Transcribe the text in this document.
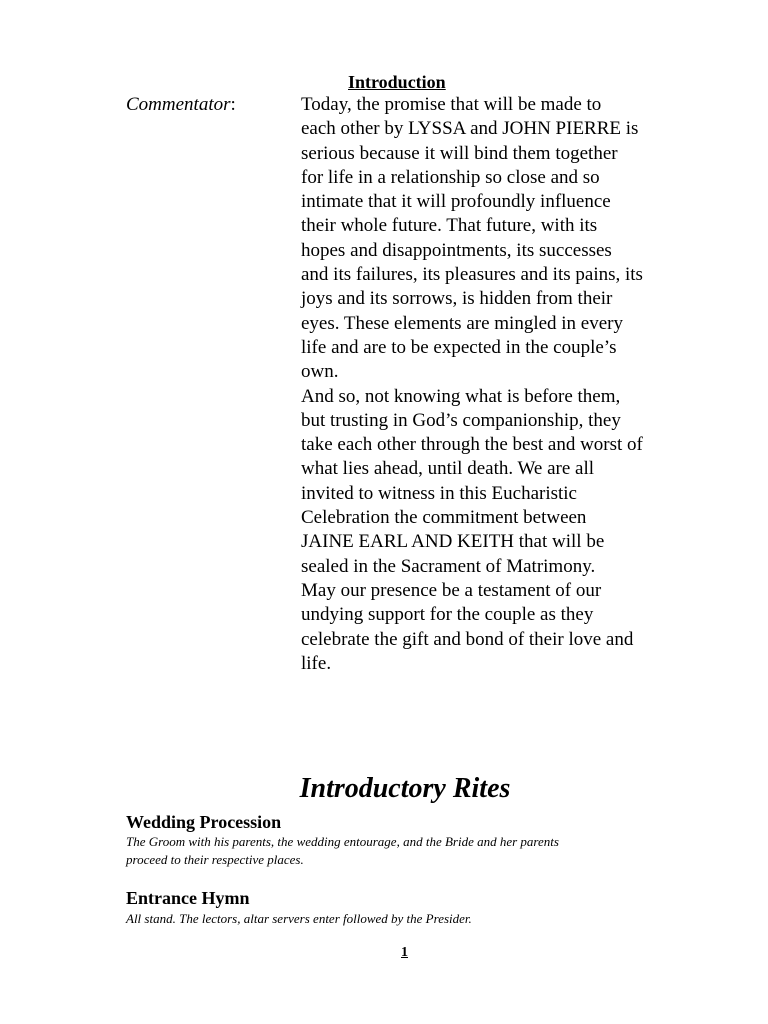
Introduction
Commentator:	Today, the promise that will be made to
each other by LYSSA and JOHN PIERRE is
serious because it will bind them together
for life in a relationship so close and so
intimate that it will profoundly influence
their whole future. That future, with its
hopes and disappointments, its successes
and its failures, its pleasures and its pains, its
joys and its sorrows, is hidden from their
eyes. These elements are mingled in every
life and are to be expected in the couple’s
own.
And so, not knowing what is before them,
but trusting in God’s companionship, they
take each other through the best and worst of
what lies ahead, until death. We are all
invited to witness in this Eucharistic
Celebration the commitment between
JAINE EARL AND KEITH that will be
sealed in the Sacrament of Matrimony.
May our presence be a testament of our
undying support for the couple as they
celebrate the gift and bond of their love and
life.
Introductory Rites
Wedding Procession
The Groom with his parents, the wedding entourage, and the Bride and her parents
proceed to their respective places.
Entrance Hymn
All stand. The lectors, altar servers enter followed by the Presider.
1
